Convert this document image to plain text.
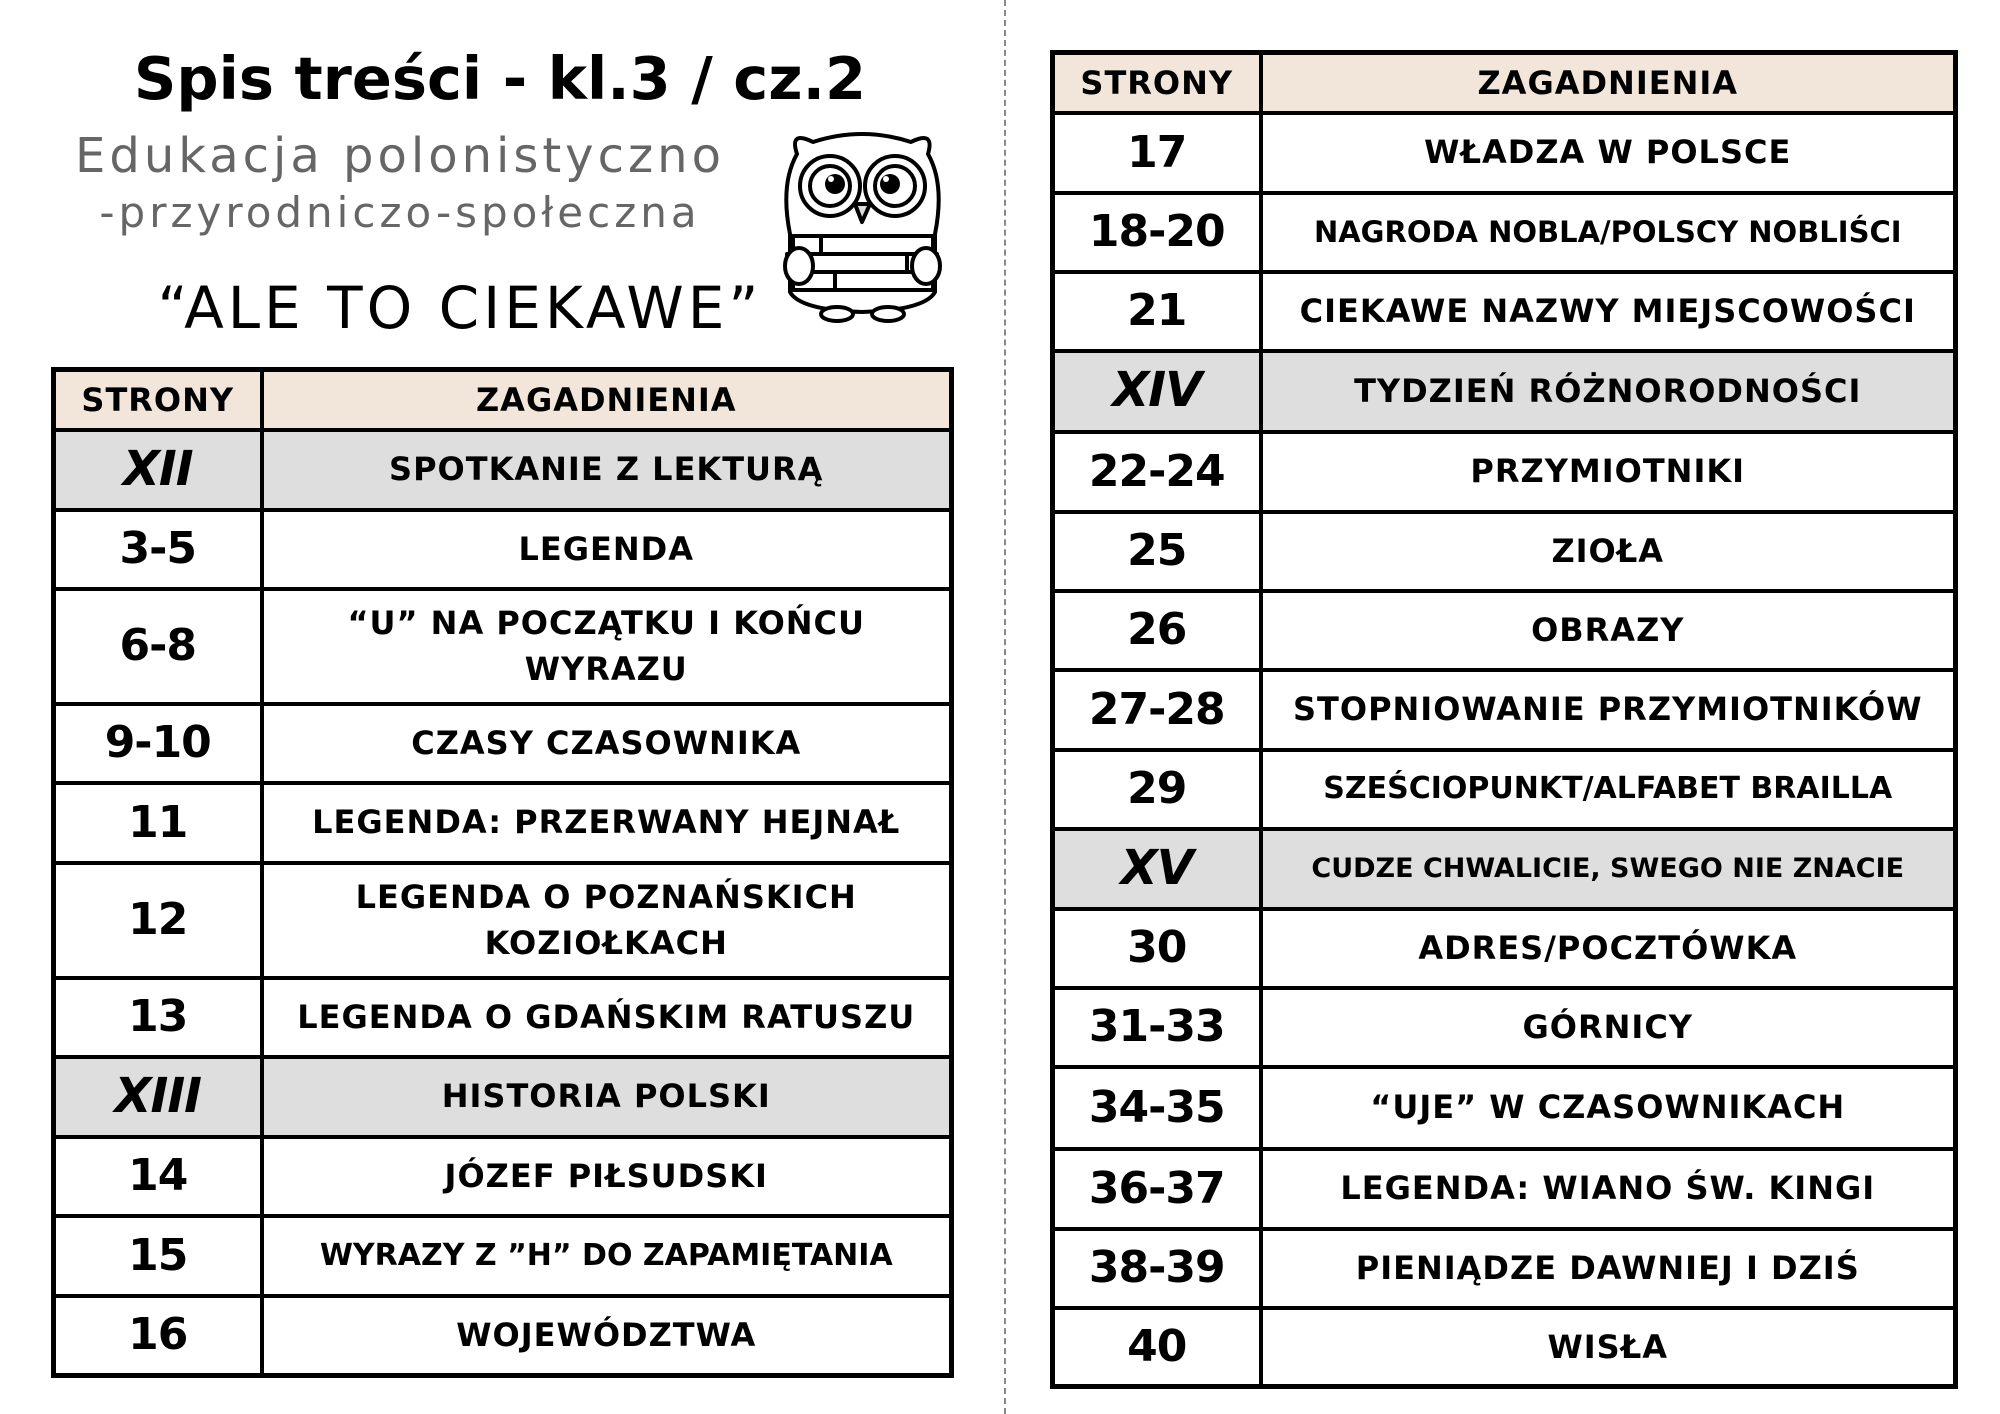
Spis treści - kl.3 / cz.2
Edukacja polonistyczno
-przyrodniczo-społeczna
“ALE TO CIEKAWE”
STRONY	ZAGADNIENIA
XII	SPOTKANIE Z LEKTURĄ
3-5	LEGENDA
6-8	“U” NA POCZĄTKU I KOŃCU WYRAZU
9-10	CZASY CZASOWNIKA
11	LEGENDA: PRZERWANY HEJNAŁ
12	LEGENDA O POZNAŃSKICH KOZIOŁKACH
13	LEGENDA O GDAŃSKIM RATUSZU
XIII	HISTORIA POLSKI
14	JÓZEF PIŁSUDSKI
15	WYRAZY Z ”H” DO ZAPAMIĘTANIA
16	WOJEWÓDZTWA
STRONY	ZAGADNIENIA
17	WŁADZA W POLSCE
18-20	NAGRODA NOBLA/POLSCY NOBLIŚCI
21	CIEKAWE NAZWY MIEJSCOWOŚCI
XIV	TYDZIEŃ RÓŻNORODNOŚCI
22-24	PRZYMIOTNIKI
25	ZIOŁA
26	OBRAZY
27-28	STOPNIOWANIE PRZYMIOTNIKÓW
29	SZEŚCIOPUNKT/ALFABET BRAILLA
XV	CUDZE CHWALICIE, SWEGO NIE ZNACIE
30	ADRES/POCZTÓWKA
31-33	GÓRNICY
34-35	“UJE” W CZASOWNIKACH
36-37	LEGENDA: WIANO ŚW. KINGI
38-39	PIENIĄDZE DAWNIEJ I DZIŚ
40	WISŁA
